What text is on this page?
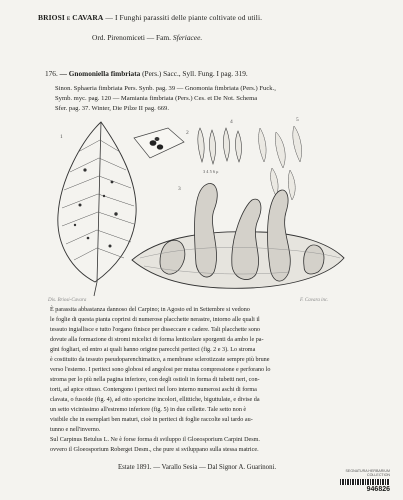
BRIOSI e CAVARA — I Funghi parassiti delle piante coltivate od utili.
Ord. Pirenomiceti — Fam. Sferiacee.
176. — Gnomoniella fimbriata (Pers.) Sacc., Syll. Fung. I pag. 319.
Sinon. Sphaeria fimbriata Pers. Synb. pag. 39 — Gnomonia fimbriata (Pers.) Fuck.,
Symb. myc. pag. 120 — Mamiania fimbriata (Pers.) Ces. et De Not. Schema
Sfer. pag. 37. Winter, Die Pilze II pag. 669.
1
2
4
3 4 5 6 μ
5
3
Dis. Briosi-Cavara	F. Cavara inc.
È parassita abbastanza dannoso del Carpino; in Agosto ed in Settembre si vedono
le foglie di questa pianta coprirsi di numerose placchette nerastre, intorno alle quali il
tessuto ingiallisce e tutto l'organo finisce per disseccare e cadere. Tali placchette sono
dovute alla formazione di stromi micelici di forma lenticolare sporgenti da ambo le pa-
gini fogliari, ed entro ai quali hanno origine parecchi periteci (fig. 2 e 3). Lo stroma
è costituito da tessuto pseudoparenchimatico, a membrane sclerotizzate sempre più brune
verso l'esterno. I periteci sono globosi ed angolosi per mutua compressione e perforano lo
stroma per lo più nella pagina inferiore, con degli ostioli in forma di tubetti neri, con-
torti, ad apice ottuso. Contengono i periteci nel loro interno numerosi aschi di forma
clavata, o fusoide (fig. 4), ad otto sporicine incolori, ellittiche, biguttulate, e divise da
un setto vicinissimo all'estremo inferiore (fig. 5) in due cellette. Tale setto non è
visibile che in esemplari ben maturi, cioè in periteci di foglie raccolte sul tardo au-
tunno e nell'inverno.
Sul Carpinus Betulus L. Ne è forse forma di sviluppo il Gloeosporium Carpini Desm.
ovvero il Gloeosporium Robergei Desm., che pure si sviluppano sulla stessa matrice.
Estate 1891. — Varallo Sesia — Dal Signor A. Guarinoni.	SEGNATURA HERBARIUM COLLECTION
946826
